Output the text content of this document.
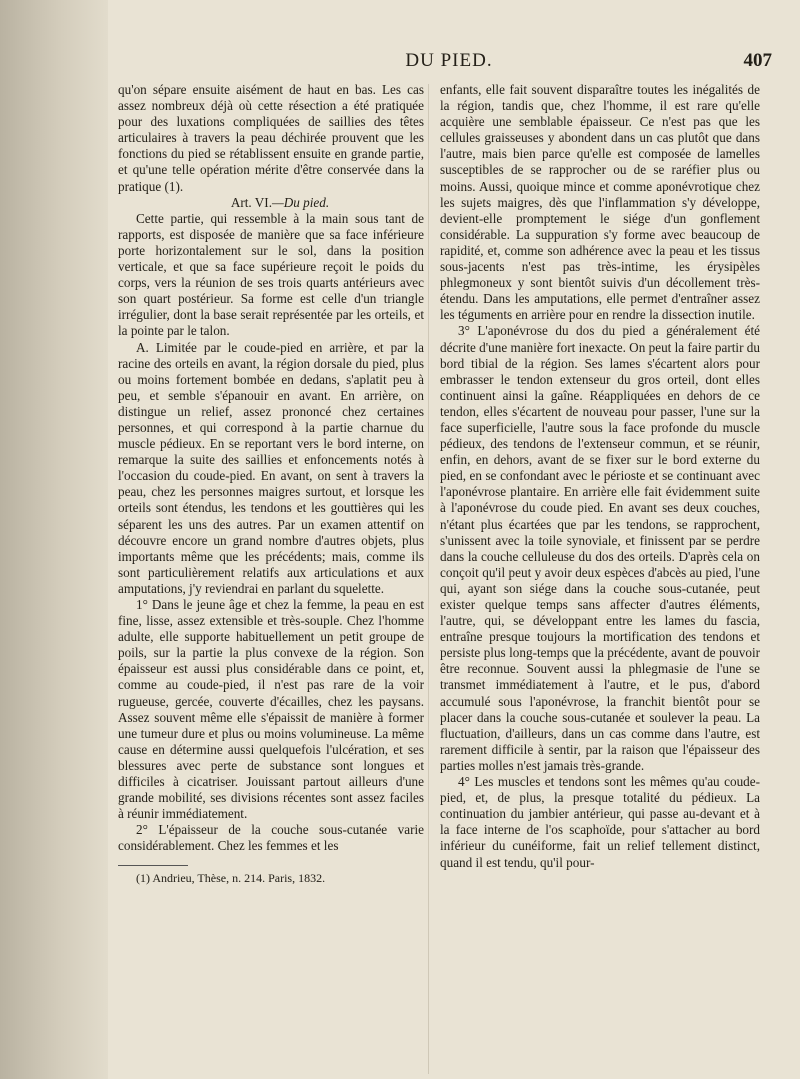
DU PIED.	407

qu'on sépare ensuite aisément de haut en bas. Les cas assez nombreux déjà où cette résection a été pratiquée pour des luxations compliquées de saillies des têtes articulaires à travers la peau déchirée prouvent que les fonctions du pied se rétablissent ensuite en grande partie, et qu'une telle opération mérite d'être conservée dans la pratique (1).

Art. VI.—Du pied.

Cette partie, qui ressemble à la main sous tant de rapports, est disposée de manière que sa face inférieure porte horizontalement sur le sol, dans la position verticale, et que sa face supérieure reçoit le poids du corps, vers la réunion de ses trois quarts antérieurs avec son quart postérieur. Sa forme est celle d'un triangle irrégulier, dont la base serait représentée par les orteils, et la pointe par le talon.

A. Limitée par le coude-pied en arrière, et par la racine des orteils en avant, la région dorsale du pied, plus ou moins fortement bombée en dedans, s'aplatit peu à peu, et semble s'épanouir en avant. En arrière, on distingue un relief, assez prononcé chez certaines personnes, et qui correspond à la partie charnue du muscle pédieux. En se reportant vers le bord interne, on remarque la suite des saillies et enfoncements notés à l'occasion du coude-pied. En avant, on sent à travers la peau, chez les personnes maigres surtout, et lorsque les orteils sont étendus, les tendons et les gouttières qui les séparent les uns des autres. Par un examen attentif on découvre encore un grand nombre d'autres objets, plus importants même que les précédents; mais, comme ils sont particulièrement relatifs aux articulations et aux amputations, j'y reviendrai en parlant du squelette.

1° Dans le jeune âge et chez la femme, la peau en est fine, lisse, assez extensible et très-souple. Chez l'homme adulte, elle supporte habituellement un petit groupe de poils, sur la partie la plus convexe de la région. Son épaisseur est aussi plus considérable dans ce point, et, comme au coude-pied, il n'est pas rare de la voir rugueuse, gercée, couverte d'écailles, chez les paysans. Assez souvent même elle s'épaissit de manière à former une tumeur dure et plus ou moins volumineuse. La même cause en détermine aussi quelquefois l'ulcération, et ses blessures avec perte de substance sont longues et difficiles à cicatriser. Jouissant partout ailleurs d'une grande mobilité, ses divisions récentes sont assez faciles à réunir immédiatement.

2° L'épaisseur de la couche sous-cutanée varie considérablement. Chez les femmes et les

(1) Andrieu, Thèse, n. 214. Paris, 1832.

enfants, elle fait souvent disparaître toutes les inégalités de la région, tandis que, chez l'homme, il est rare qu'elle acquière une semblable épaisseur. Ce n'est pas que les cellules graisseuses y abondent dans un cas plutôt que dans l'autre, mais bien parce qu'elle est composée de lamelles susceptibles de se rapprocher ou de se raréfier plus ou moins. Aussi, quoique mince et comme aponévrotique chez les sujets maigres, dès que l'inflammation s'y développe, devient-elle promptement le siége d'un gonflement considérable. La suppuration s'y forme avec beaucoup de rapidité, et, comme son adhérence avec la peau et les tissus sous-jacents n'est pas très-intime, les érysipèles phlegmoneux y sont bientôt suivis d'un décollement très-étendu. Dans les amputations, elle permet d'entraîner assez les téguments en arrière pour en rendre la dissection inutile.

3° L'aponévrose du dos du pied a généralement été décrite d'une manière fort inexacte. On peut la faire partir du bord tibial de la région. Ses lames s'écartent alors pour embrasser le tendon extenseur du gros orteil, dont elles continuent ainsi la gaîne. Réappliquées en dehors de ce tendon, elles s'écartent de nouveau pour passer, l'une sur la face superficielle, l'autre sous la face profonde du muscle pédieux, des tendons de l'extenseur commun, et se réunir, enfin, en dehors, avant de se fixer sur le bord externe du pied, en se confondant avec le périoste et se continuant avec l'aponévrose plantaire. En arrière elle fait évidemment suite à l'aponévrose du coude pied. En avant ses deux couches, n'étant plus écartées que par les tendons, se rapprochent, s'unissent avec la toile synoviale, et finissent par se perdre dans la couche celluleuse du dos des orteils. D'après cela on conçoit qu'il peut y avoir deux espèces d'abcès au pied, l'une qui, ayant son siége dans la couche sous-cutanée, peut exister quelque temps sans affecter d'autres éléments, l'autre, qui, se développant entre les lames du fascia, entraîne presque toujours la mortification des tendons et persiste plus long-temps que la précédente, avant de pouvoir être reconnue. Souvent aussi la phlegmasie de l'une se transmet immédiatement à l'autre, et le pus, d'abord accumulé sous l'aponévrose, la franchit bientôt pour se placer dans la couche sous-cutanée et soulever la peau. La fluctuation, d'ailleurs, dans un cas comme dans l'autre, est rarement difficile à sentir, par la raison que l'épaisseur des parties molles n'est jamais très-grande.

4° Les muscles et tendons sont les mêmes qu'au coude-pied, et, de plus, la presque totalité du pédieux. La continuation du jambier antérieur, qui passe au-devant et à la face interne de l'os scaphoïde, pour s'attacher au bord inférieur du cunéiforme, fait un relief tellement distinct, quand il est tendu, qu'il pour-
